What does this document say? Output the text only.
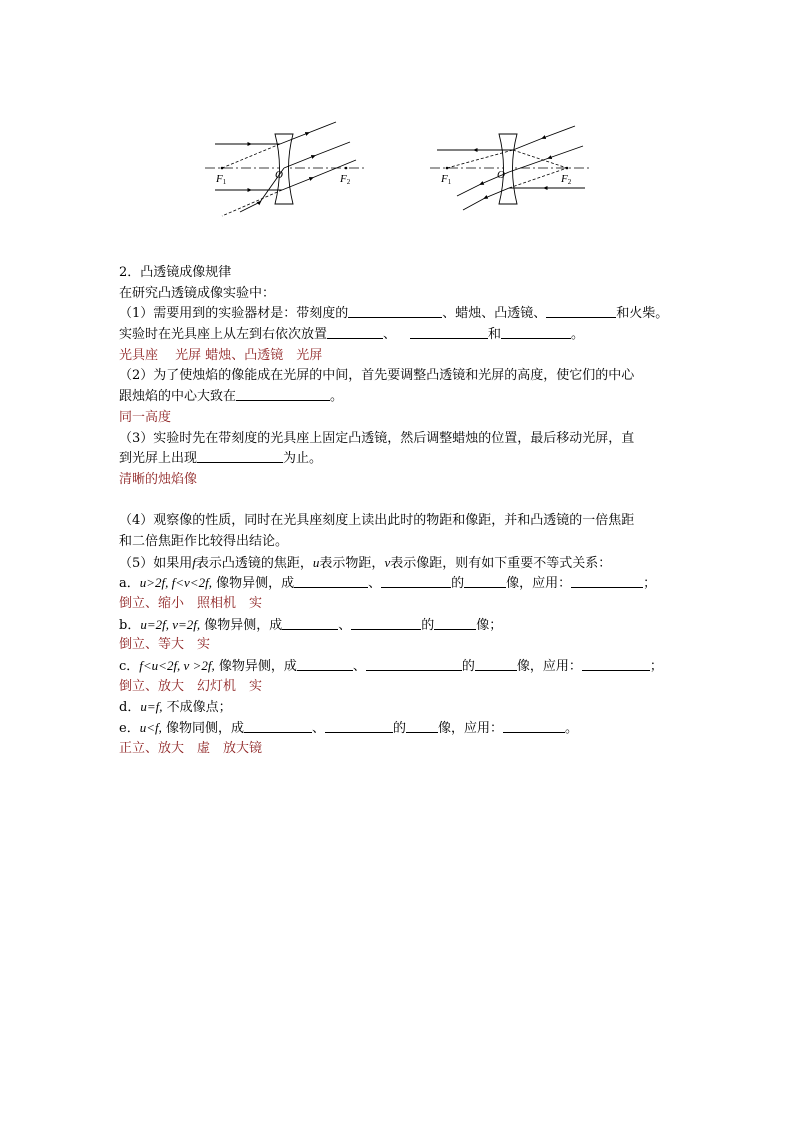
F1
O	F2	F1
O	F2
2．凸透镜成像规律
在研究凸透镜成像实验中：
（1）需要用到的实验器材是：带刻度的	、蜡烛、凸透镜、	和火柴。
实验时在光具座上从左到右依次放置	、	和	。
光具座　 光屏 蜡烛、凸透镜　光屏
（2）为了使烛焰的像能成在光屏的中间，首先要调整凸透镜和光屏的高度，使它们的中心
跟烛焰的中心大致在	。
同一高度
（3）实验时先在带刻度的光具座上固定凸透镜，然后调整蜡烛的位置，最后移动光屏，直
到光屏上出现	为止。
清晰的烛焰像
（4）观察像的性质，同时在光具座刻度上读出此时的物距和像距，并和凸透镜的一倍焦距
和二倍焦距作比较得出结论。
（5）如果用f表示凸透镜的焦距，u表示物距，v表示像距，则有如下重要不等式关系：
a．u>2f, f<v<2f, 像物异侧，成	、	的	像，应用：	；
倒立、缩小　照相机　实
b．u=2f, v=2f, 像物异侧，成	、	的	像；
倒立、等大　实
c．f<u<2f, v >2f, 像物异侧，成	、	的	像，应用：	；
倒立、放大　幻灯机　实
d．u=f, 不成像点；
e．u<f, 像物同侧，成	、	的 像，应用：	。
正立、放大　虚　放大镜
